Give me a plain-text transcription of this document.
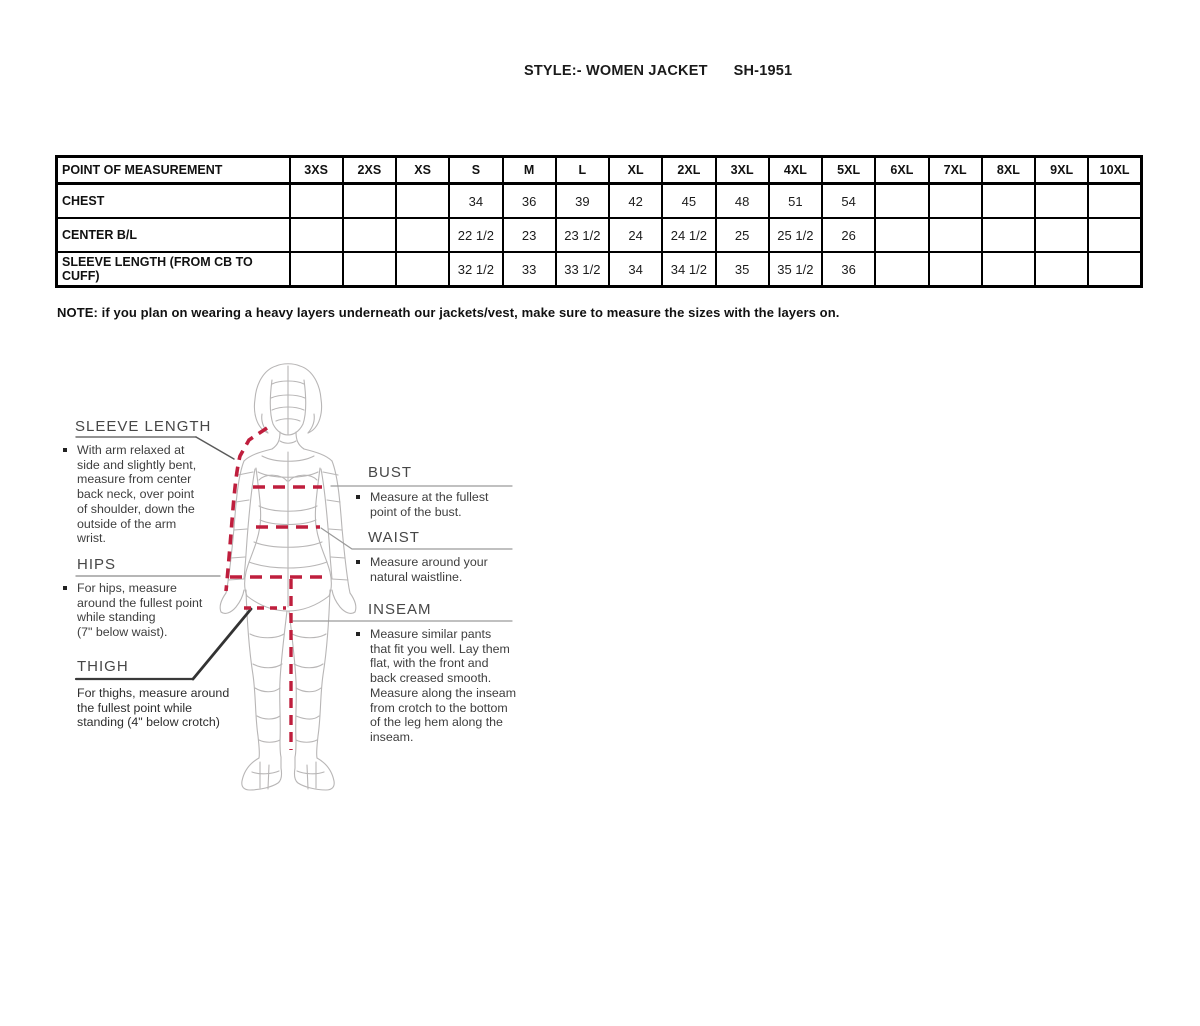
STYLE:- WOMEN JACKET SH-1951
POINT OF MEASUREMENT	3XS	2XS	XS	S	M	L	XL	2XL	3XL	4XL	5XL	6XL	7XL	8XL	9XL	10XL
CHEST				34	36	39	42	45	48	51	54					
CENTER B/L				22 1/2	23	23 1/2	24	24 1/2	25	25 1/2	26					
SLEEVE LENGTH (FROM CB TO CUFF)				32 1/2	33	33 1/2	34	34 1/2	35	35 1/2	36					
NOTE: if you plan on wearing a heavy layers underneath our jackets/vest, make sure to measure the sizes with the layers on.
SLEEVE LENGTH
With arm relaxed at
side and slightly bent,
measure from center
back neck, over point
of shoulder, down the
outside of the arm
wrist.
HIPS
For hips, measure
around the fullest point
while standing
(7" below waist).
THIGH
For thighs, measure around
the fullest point while
standing (4" below crotch)
BUST
Measure at the fullest
point of the bust.
WAIST
Measure around your
natural waistline.
INSEAM
Measure similar pants
that fit you well. Lay them
flat, with the front and
back creased smooth.
Measure along the inseam
from crotch to the bottom
of the leg hem along the
inseam.
